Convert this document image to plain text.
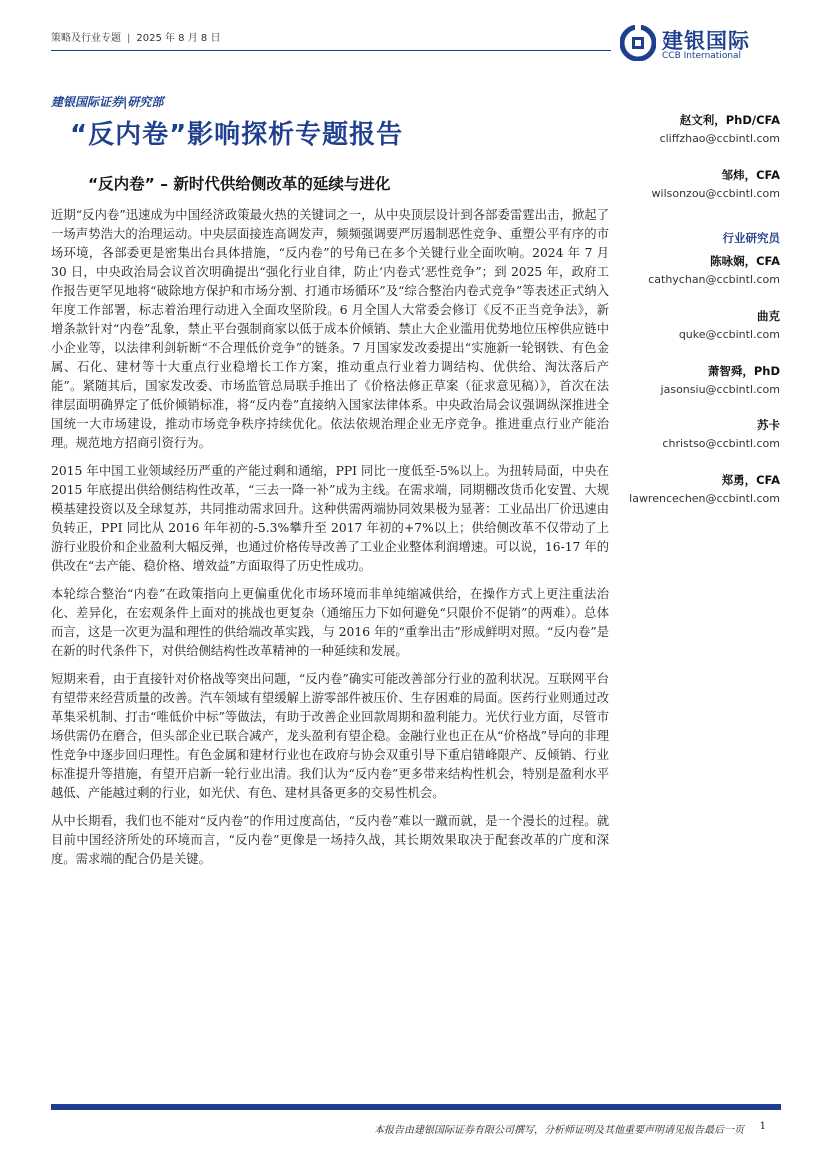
策略及行业专题 | 2025 年 8 月 8 日	建银国际
CCB International
建银国际证券|研究部
“反内卷”影响探析专题报告
“反内卷” – 新时代供给侧改革的延续与进化

近期“反内卷”迅速成为中国经济政策最火热的关键词之一，从中央顶层设计到各部委雷霆出击，掀起了一场声势浩大的治理运动。中央层面接连高调发声，频频强调要严厉遏制恶性竞争、重塑公平有序的市场环境，各部委更是密集出台具体措施，“反内卷”的号角已在多个关键行业全面吹响。2024 年 7 月 30 日，中央政治局会议首次明确提出“强化行业自律，防止‘内卷式’恶性竞争”；到 2025 年，政府工作报告更罕见地将“破除地方保护和市场分割、打通市场循环”及“综合整治内卷式竞争”等表述正式纳入年度工作部署，标志着治理行动进入全面攻坚阶段。6 月全国人大常委会修订《反不正当竞争法》，新增条款针对“内卷”乱象，禁止平台强制商家以低于成本价倾销、禁止大企业滥用优势地位压榨供应链中小企业等，以法律利剑斩断“不合理低价竞争”的链条。7 月国家发改委提出“实施新一轮钢铁、有色金属、石化、建材等十大重点行业稳增长工作方案，推动重点行业着力调结构、优供给、淘汰落后产能”。紧随其后，国家发改委、市场监管总局联手推出了《价格法修正草案（征求意见稿）》，首次在法律层面明确界定了低价倾销标准，将“反内卷”直接纳入国家法律体系。中央政治局会议强调纵深推进全国统一大市场建设，推动市场竞争秩序持续优化。依法依规治理企业无序竞争。推进重点行业产能治理。规范地方招商引资行为。

2015 年中国工业领域经历严重的产能过剩和通缩，PPI 同比一度低至-5%以上。为扭转局面，中央在 2015 年底提出供给侧结构性改革，“三去一降一补”成为主线。在需求端，同期棚改货币化安置、大规模基建投资以及全球复苏，共同推动需求回升。这种供需两端协同效果极为显著：工业品出厂价迅速由负转正，PPI 同比从 2016 年年初的-5.3%攀升至 2017 年初的+7%以上；供给侧改革不仅带动了上游行业股价和企业盈利大幅反弹，也通过价格传导改善了工业企业整体利润增速。可以说，16-17 年的供改在“去产能、稳价格、增效益”方面取得了历史性成功。

本轮综合整治“内卷”在政策指向上更偏重优化市场环境而非单纯缩减供给，在操作方式上更注重法治化、差异化，在宏观条件上面对的挑战也更复杂（通缩压力下如何避免“只限价不促销”的两难）。总体而言，这是一次更为温和理性的供给端改革实践，与 2016 年的“重拳出击”形成鲜明对照。“反内卷”是在新的时代条件下，对供给侧结构性改革精神的一种延续和发展。

短期来看，由于直接针对价格战等突出问题，“反内卷”确实可能改善部分行业的盈利状况。互联网平台有望带来经营质量的改善。汽车领域有望缓解上游零部件被压价、生存困难的局面。医药行业则通过改革集采机制、打击“唯低价中标”等做法，有助于改善企业回款周期和盈利能力。光伏行业方面，尽管市场供需仍在磨合，但头部企业已联合减产，龙头盈利有望企稳。金融行业也正在从“价格战”导向的非理性竞争中逐步回归理性。有色金属和建材行业也在政府与协会双重引导下重启错峰限产、反倾销、行业标准提升等措施，有望开启新一轮行业出清。我们认为“反内卷”更多带来结构性机会，特别是盈利水平越低、产能越过剩的行业，如光伏、有色、建材具备更多的交易性机会。

从中长期看，我们也不能对“反内卷”的作用过度高估，“反内卷”难以一蹴而就，是一个漫长的过程。就目前中国经济所处的环境而言，“反内卷”更像是一场持久战，其长期效果取决于配套改革的广度和深度。需求端的配合仍是关键。

赵文利，PhD/CFA
cliffzhao@ccbintl.com
邹炜，CFA
wilsonzou@ccbintl.com
行业研究员
陈咏娴，CFA
cathychan@ccbintl.com
曲克
quke@ccbintl.com
萧智舜，PhD
jasonsiu@ccbintl.com
苏卡
christso@ccbintl.com
郑勇，CFA
lawrencechen@ccbintl.com
本报告由建银国际证券有限公司撰写，分析师证明及其他重要声明请见报告最后一页 1
